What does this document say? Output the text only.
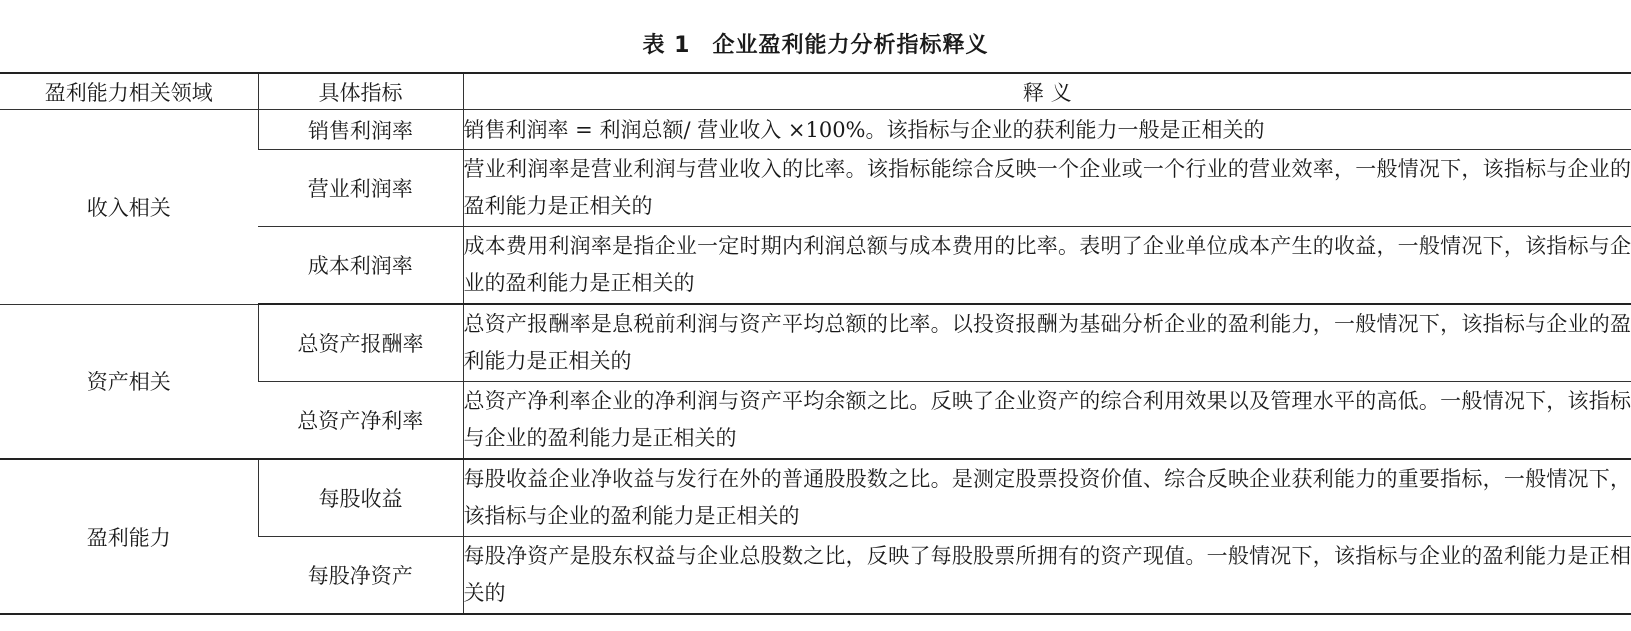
表 1 企业盈利能力分析指标释义
盈利能力相关领域	具体指标	释 义
收入相关	销售利润率	销售利润率 = 利润总额/ 营业收入 ×100%。该指标与企业的获利能力一般是正相关的
	营业利润率	营业利润率是营业利润与营业收入的比率。该指标能综合反映一个企业或一个行业的营业效率，一般情况下，该指标与企业的盈利能力是正相关的
	成本利润率	成本费用利润率是指企业一定时期内利润总额与成本费用的比率。表明了企业单位成本产生的收益，一般情况下，该指标与企业的盈利能力是正相关的
资产相关	总资产报酬率	总资产报酬率是息税前利润与资产平均总额的比率。以投资报酬为基础分析企业的盈利能力，一般情况下，该指标与企业的盈利能力是正相关的
	总资产净利率	总资产净利率企业的净利润与资产平均余额之比。反映了企业资产的综合利用效果以及管理水平的高低。一般情况下，该指标与企业的盈利能力是正相关的
盈利能力	每股收益	每股收益企业净收益与发行在外的普通股股数之比。是测定股票投资价值、综合反映企业获利能力的重要指标，一般情况下，该指标与企业的盈利能力是正相关的
	每股净资产	每股净资产是股东权益与企业总股数之比，反映了每股股票所拥有的资产现值。一般情况下，该指标与企业的盈利能力是正相关的
